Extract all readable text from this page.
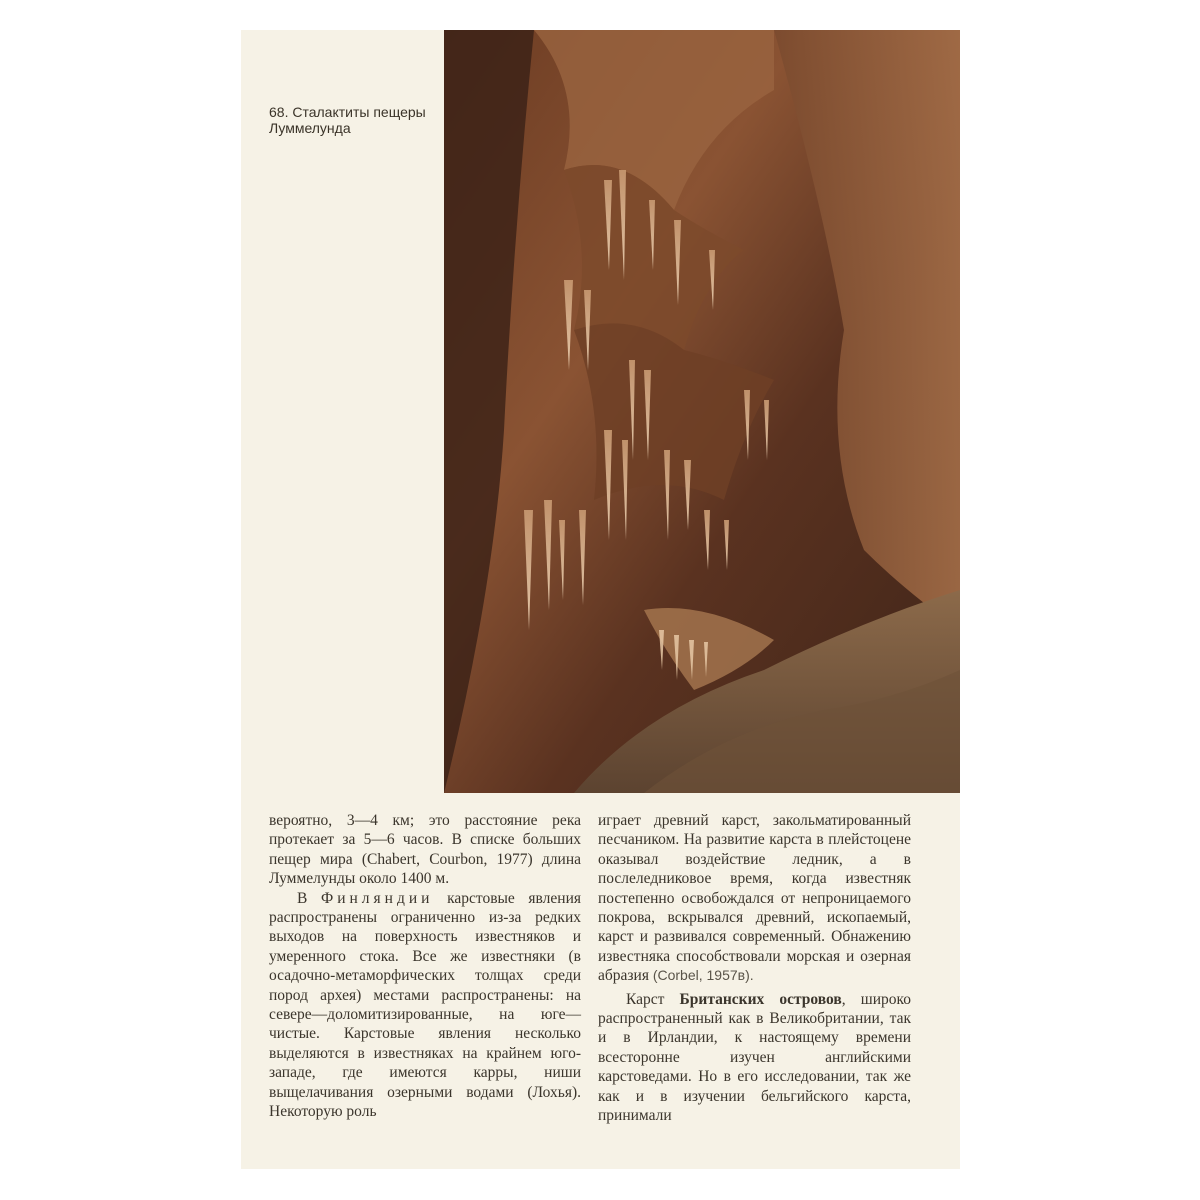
68. Сталактиты пещеры Луммелунда

вероятно, 3—4 км; это расстояние река протекает за 5—6 часов. В списке больших пещер мира (Chabert, Courbon, 1977) длина Луммелунды около 1400 м.

В Финляндии карстовые явления распространены ограниченно из-за редких выходов на поверхность известняков и умеренного стока. Все же известняки (в осадочно-метаморфических толщах среди пород архея) местами распространены: на севере—доломитизированные, на юге—чистые. Карстовые явления несколько выделяются в известняках на крайнем юго-западе, где имеются карры, ниши выщелачивания озерными водами (Лохья). Некоторую роль

играет древний карст, закольматированный песчаником. На развитие карста в плейстоцене оказывал воздействие ледник, а в послеледниковое время, когда известняк постепенно освобождался от непроницаемого покрова, вскрывался древний, ископаемый, карст и развивался современный. Обнажению известняка способствовали морская и озерная абразия (Corbel, 1957в).

Карст Британских островов, широко распространенный как в Великобритании, так и в Ирландии, к настоящему времени всесторонне изучен английскими карстоведами. Но в его исследовании, так же как и в изучении бельгийского карста, принимали
